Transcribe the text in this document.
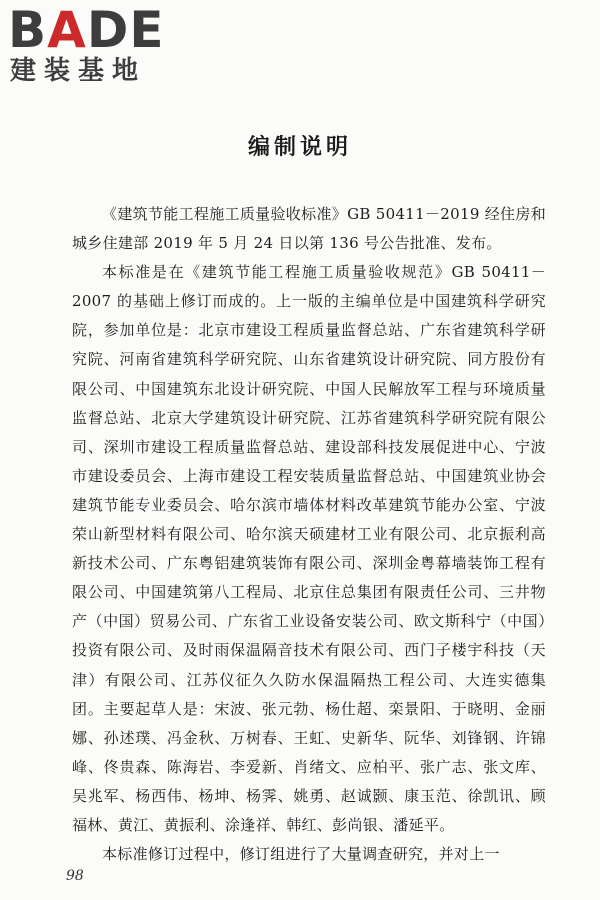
BADE
建装基地
编制说明

《建筑节能工程施工质量验收标准》GB 50411－2019 经住房和城乡住建部 2019 年 5 月 24 日以第 136 号公告批准、发布。

本标准是在《建筑节能工程施工质量验收规范》GB 50411－2007 的基础上修订而成的。上一版的主编单位是中国建筑科学研究院，参加单位是：北京市建设工程质量监督总站、广东省建筑科学研究院、河南省建筑科学研究院、山东省建筑设计研究院、同方股份有限公司、中国建筑东北设计研究院、中国人民解放军工程与环境质量监督总站、北京大学建筑设计研究院、江苏省建筑科学研究院有限公司、深圳市建设工程质量监督总站、建设部科技发展促进中心、宁波市建设委员会、上海市建设工程安装质量监督总站、中国建筑业协会建筑节能专业委员会、哈尔滨市墙体材料改革建筑节能办公室、宁波荣山新型材料有限公司、哈尔滨天硕建材工业有限公司、北京振利高新技术公司、广东粤铝建筑装饰有限公司、深圳金粤幕墙装饰工程有限公司、中国建筑第八工程局、北京住总集团有限责任公司、三井物产（中国）贸易公司、广东省工业设备安装公司、欧文斯科宁（中国）投资有限公司、及时雨保温隔音技术有限公司、西门子楼宇科技（天津）有限公司、江苏仪征久久防水保温隔热工程公司、大连实德集团。主要起草人是：宋波、张元勃、杨仕超、栾景阳、于晓明、金丽娜、孙述璞、冯金秋、万树春、王虹、史新华、阮华、刘锋钢、许锦峰、佟贵森、陈海岩、李爱新、肖绪文、应柏平、张广志、张文库、吴兆军、杨西伟、杨坤、杨霁、姚勇、赵诚颢、康玉范、徐凯讯、顾福林、黄江、黄振利、涂逢祥、韩红、彭尚银、潘延平。

本标准修订过程中，修订组进行了大量调查研究，并对上一

98
